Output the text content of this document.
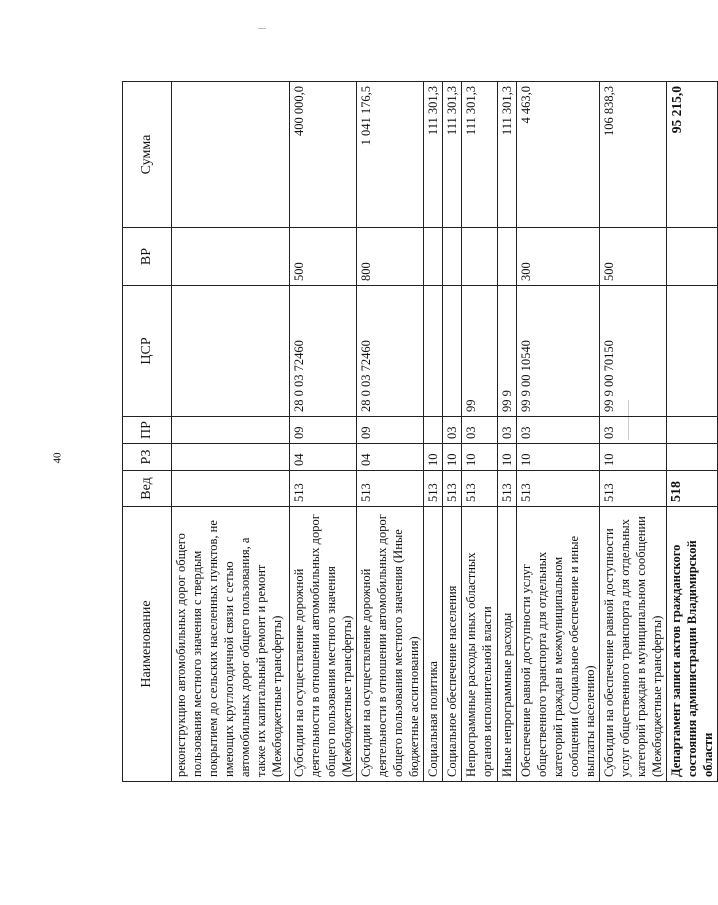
40
Наименование	Вед	РЗ	ПР	ЦСР	ВР	Сумма
реконструкцию автомобильных дорог общего пользования местного значения с твердым покрытием до сельских населенных пунктов, не имеющих круглогодичной связи с сетью автомобильных дорог общего пользования, а также их капитальный ремонт и ремонт (Межбюджетные трансферты)						
Субсидии на осуществление дорожной деятельности в отношении автомобильных дорог общего пользования местного значения (Межбюджетные трансферты)	513	04	09	28 0 03 72460	500	400 000,0
Субсидии на осуществление дорожной деятельности в отношении автомобильных дорог общего пользования местного значения (Иные бюджетные ассигнования)	513	04	09	28 0 03 72460	800	1 041 176,5
Социальная политика	513	10				111 301,3
Социальное обеспечение населения	513	10	03			111 301,3
Непрограммные расходы иных областных органов исполнительной власти	513	10	03	99		111 301,3
Иные непрограммные расходы	513	10	03	99 9		111 301,3
Обеспечение равной доступности услуг общественного транспорта для отдельных категорий граждан в межмуниципальном сообщении (Социальное обеспечение и иные выплаты населению)	513	10	03	99 9 00 10540	300	4 463,0
Субсидии на обеспечение равной доступности услуг общественного транспорта для отдельных категорий граждан в муниципальном сообщении (Межбюджетные трансферты)	513	10	03	99 9 00 70150	500	106 838,3
Департамент записи актов гражданского состояния администрации Владимирской области	518					95 215,0
